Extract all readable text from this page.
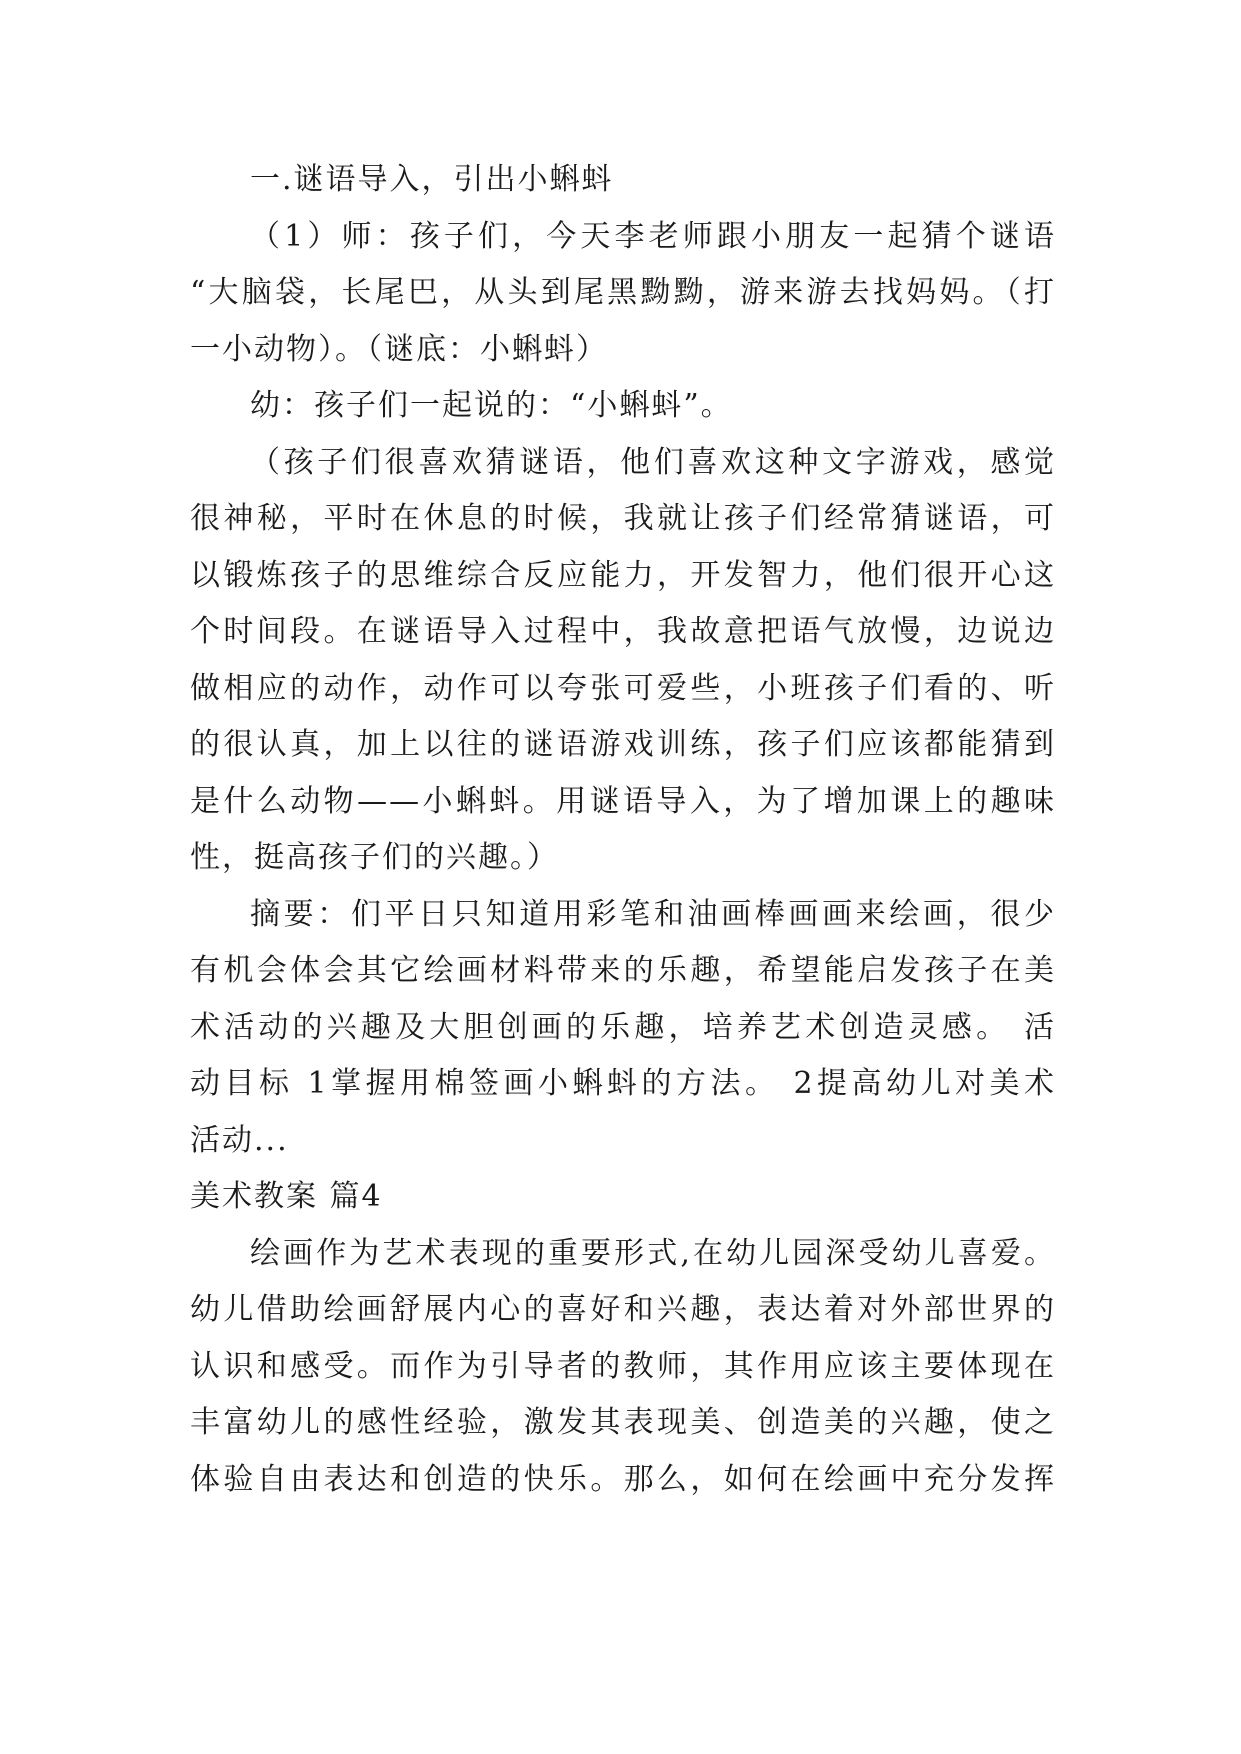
一.谜语导入，引出小蝌蚪
（1）师：孩子们，今天李老师跟小朋友一起猜个谜语
“大脑袋，长尾巴，从头到尾黑黝黝，游来游去找妈妈。（打
一小动物）。（谜底：小蝌蚪）
幼：孩子们一起说的：“小蝌蚪”。
（孩子们很喜欢猜谜语，他们喜欢这种文字游戏，感觉
很神秘，平时在休息的时候，我就让孩子们经常猜谜语，可
以锻炼孩子的思维综合反应能力，开发智力，他们很开心这
个时间段。在谜语导入过程中，我故意把语气放慢，边说边
做相应的动作，动作可以夸张可爱些，小班孩子们看的、听
的很认真，加上以往的谜语游戏训练，孩子们应该都能猜到
是什么动物——小蝌蚪。用谜语导入，为了增加课上的趣味
性，挺高孩子们的兴趣。）
摘要：们平日只知道用彩笔和油画棒画画来绘画，很少
有机会体会其它绘画材料带来的乐趣，希望能启发孩子在美
术活动的兴趣及大胆创画的乐趣，培养艺术创造灵感。 活
动目标 1掌握用棉签画小蝌蚪的方法。 2提高幼儿对美术
活动...
美术教案 篇4
绘画作为艺术表现的重要形式,在幼儿园深受幼儿喜爱。
幼儿借助绘画舒展内心的喜好和兴趣，表达着对外部世界的
认识和感受。而作为引导者的教师，其作用应该主要体现在
丰富幼儿的感性经验，激发其表现美、创造美的兴趣，使之
体验自由表达和创造的快乐。那么，如何在绘画中充分发挥
